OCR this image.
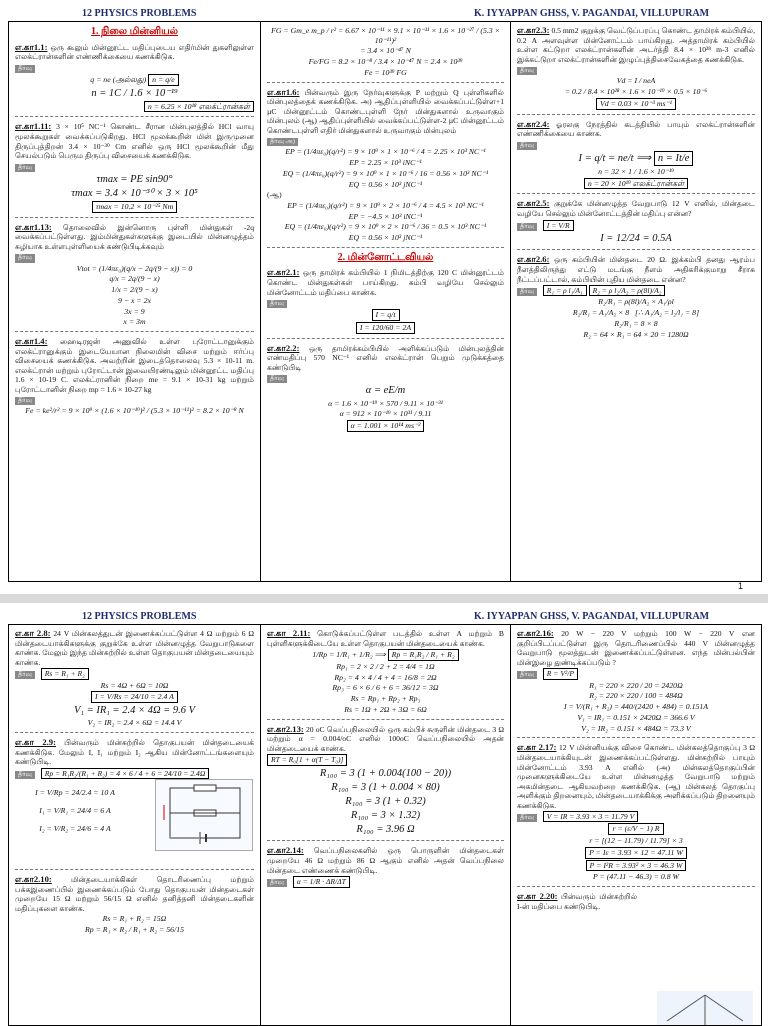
12 PHYSICS PROBLEMS	K. IYYAPPAN GHSS, V. PAGANDAI, VILLUPURAM
1. நிலை மின்னியல்
எ.கா1.1: ஒரு கூலும் மின்னூட்ட மதிப்புடைய எதிர்மின் துகளிலுள்ள எலக்ட்ரான்களின் எண்ணிக்கையை கணக்கிடுக.
தீர்வு
q = ne (அல்லது) n = q/e
n = 1C / 1.6 × 10⁻¹⁹
n = 6.25 × 10¹⁸ எலக்ட்ரான்கள்
எ.கா1.11: 3 × 10⁵ NC⁻¹ கொண்ட சீரான மின்புலத்தில் HCl வாயு மூலக்கூறுகள் வைக்கப்படுகிறது. HCl மூலக்கூறின் மின் இருமுனை திருப்புத்திறன் 3.4 × 10⁻³⁰ Cm எனில் ஒரு HCl மூலக்கூறின் மீது செயல்படும் பெரும திருப்பு விசையைக் கணக்கிடுக.
தீர்வு
τmax = PE sin90°
τmax = 3.4 × 10⁻³⁰ × 3 × 10⁵
τmax = 10.2 × 10⁻²⁵ Nm
எ.கா1.13: தொலைவில் இன்னொரு புள்ளி மின்துகள் -2q வைக்கப்பட்டுள்ளது. இம்மின்துகள்களுக்கு இடையில் மின்னழுத்தம் சுழியாக உள்ளபுள்ளியைக் கண்டுபிடிக்கவும்
தீர்வு
Vtot = (1/4πε₀)(q/x − 2q/(9 − x)) = 0
q/x = 2q/(9 − x)
1/x = 2/(9 − x)
9 − x = 2x
3x = 9
x = 3m
எ.கா1.4: ஹைடிரஜன் அணுவில் உள்ள புரோட்டானுக்கும் எலக்ட்ரானுக்கும் இடையேயான நிலைமின் விசை மற்றும் ஈர்ப்பு விசையைக் கணக்கிடுக. அவற்றின் இடைத்தொலைவு 5.3 × 10-11 m. எலக்ட்ரான் மற்றும் புரோட்டான் இவையிரண்டிலும் மின்னூட்ட மதிப்பு 1.6 × 10-19 C. எலக்ட்ரானின் நிறை me = 9.1 × 10-31 kg மற்றும் புரோட்டானின் நிறை mp = 1.6 × 10-27 kg
தீர்வு
Fe = ke²/r² = 9 × 10⁹ × (1.6 × 10⁻¹⁹)² / (5.3 × 10⁻¹¹)² = 8.2 × 10⁻⁸ N
FG = Gm_e m_p / r² = 6.67 × 10⁻¹¹ × 9.1 × 10⁻³¹ × 1.6 × 10⁻²⁷ / (5.3 × 10⁻¹¹)²
= 3.4 × 10⁻⁴⁷ N
Fe/FG = 8.2 × 10⁻⁸ / 3.4 × 10⁻⁴⁷ N = 2.4 × 10³⁹
Fe = 10³⁹ FG
எ.கா1.6: பின்வரும் இரு நேர்வுகளுக்கு P மற்றும் Q புள்ளிகளில் மின்புலத்தைக் கணக்கிடுக. அ) ஆதிப்புள்ளியில் வைக்கப்பட்டுள்ள+1 µC மின்னூட்டம் கொண்டபுள்ளி நேர் மின்துகளால் உருவாகும் மின்புலம் (ஆ) ஆதிப்புள்ளியில் வைக்கப்பட்டுள்ள-2 µC மின்னூட்டம் கொண்டபுள்ளி எதிர் மின்துகளால் உருவாகும் மின்புலம்
தீர்வு அ)
EP = (1/4πε₀)(q/r²) = 9 × 10⁹ × 1 × 10⁻⁶ / 4 = 2.25 × 10³ NC⁻¹
EP = 2.25 × 10³ iNC⁻¹
EQ = (1/4πε₀)(q/r²) = 9 × 10⁹ × 1 × 10⁻⁶ / 16 = 0.56 × 10³ NC⁻¹
EQ = 0.56 × 10³ jNC⁻¹
(ஆ)
EP = (1/4πε₀)(q/r²) = 9 × 10⁹ × 2 × 10⁻⁶ / 4 = 4.5 × 10³ NC⁻¹
EP = −4.5 × 10³ iNC⁻¹
EQ = (1/4πε₀)(q/r²) = 9 × 10⁹ × 2 × 10⁻⁶ / 36 = 0.5 × 10³ NC⁻¹
EQ = 0.56 × 10³ jNC⁻¹
2. மின்னோட்டவியல்
எ.கா2.1: ஒரு தாமிரக் கம்பியில் 1 நிமிடத்திற்கு 120 C மின்னூட்டம் கொண்ட மின்துகள்கள் பாய்கிறது. கம்பி வழியே செல்லும் மின்னோட்டம் மதிப்பை காண்க.
தீர்வு
I = q/t
I = 120/60 = 2A
எ.கா2.2: ஒரு தாமிரக்கம்பியில் அளிக்கப்படும் மின்புலத்தின் எண்மதிப்பு 570 NC⁻¹ எனில் எலக்ட்ரான் பெறும் முடுக்கத்தை கண்டுபிடி
தீர்வு
α = eE/m
α = 1.6 × 10⁻¹⁹ × 570 / 9.11 × 10⁻³¹
α = 912 × 10⁻¹⁹ × 10³¹ / 9.11
α = 1.001 × 10¹⁴ ms⁻²
எ.கா2.3: 0.5 mm2 குறுக்கு வெட்டுப்பரப்பு கொண்ட தாமிரக் கம்பியில், 0.2 A அளவுள்ள மின்னோட்டம் பாய்கிறது. அத்தாமிரக் கம்பியில் உள்ள கட்டுறா எலக்ட்ரான்களின் அடர்த்தி 8.4 × 10²⁸ m-3 எனில் இக்கட்டுறா எலக்ட்ரான்களின் இழுப்புத்திசைவேகத்தை கணக்கிடுக.
தீர்வு
Vd = I / neA
= 0.2 / 8.4 × 10²⁸ × 1.6 × 10⁻¹⁹ × 0.5 × 10⁻⁶
Vd = 0.03 × 10⁻³ ms⁻¹
எ.கா2.4: ஓரலகு நேரத்தில் கடத்தியில் பாயும் எலக்ட்ரான்களின் எண்ணிக்கையை காண்க.
தீர்வு
I = q/t = ne/t ⟹ n = It/e
n = 32 × 1 / 1.6 × 10⁻¹⁹
n = 20 × 10¹⁹ எலக்ட்ரான்கள்
எ.கா2.5: குறுக்கே மின்னழுத்த வேறுபாடு 12 V எனில், மின்தடை வழியே செல்லும் மின்னோட்டத்தின் மதிப்பு என்ன?
தீர்வு I = V/R
I = 12/24 = 0.5A
எ.கா2.6: ஒரு கம்பியின் மின்தடை 20 Ω. இக்கம்பி தனது ஆரம்ப நீளத்திலிருந்து எட்டு மடங்கு நீளம் அதிகரிக்குமாறு சீராக நீட்டப்பட்டால், கம்பியின் புதிய மின்தடை என்ன?
தீர்வு R₁ = ρ l₁/A₁ R₂ = ρ l₂/A₂ = ρ(8l)/A₂
R₂/R₁ = ρ(8l)/A₂ × A₁/ρl
R₂/R₁ = A₁/A₂ × 8 [∴ A₁/A₂ = l₂/l₁ = 8]
R₂/R₁ = 8 × 8
R₂ = 64 × R₁ = 64 × 20 = 1280Ω
1
12 PHYSICS PROBLEMS	K. IYYAPPAN GHSS, V. PAGANDAI, VILLUPURAM
எ.கா 2.8: 24 V மின்கலத்துடன் இணைக்கப்பட்டுள்ள 4 Ω மற்றும் 6 Ω மின்தடையாக்கிகளுக்கு குறுக்கே உள்ள மின்னழுத்த வேறுபாடுகளை காண்க. மேலும் இந்த மின்சுற்றில் உள்ள தொகுபயன் மின்தடையையும் காண்க.
தீர்வு Rs = R₁ + R₂
Rs = 4Ω + 6Ω = 10Ω
I = V/Rs = 24/10 = 2.4 A
V₁ = IR₁ = 2.4 × 4Ω = 9.6 V
V₂ = IR₂ = 2.4 × 6Ω = 14.4 V
எ.கா 2.9: பின்வரும் மின்சுற்றில் தொகுபயன் மின்தடையைக் கணக்கிடுக. மேலும் I, I₁ மற்றும் I₂ ஆகிய மின்னோட்டங்களையும் கண்டுபிடி.
தீர்வு Rp = R₁R₂/(R₁ + R₂) = 4 × 6 / 4 + 6 = 24/10 = 2.4Ω
I = V/Rp = 24/2.4 = 10 A
I₁ = V/R₁ = 24/4 = 6 A
I₂ = V/R₂ = 24/6 = 4 A
எ.கா2.10:	மின்தடையாக்கிகள் தொடரிணைப்பு மற்றும் பக்கஇணைப்பில் இணைக்கப்படும் போது தொகுபயன் மின்தடைகள் முறையே 15 Ω மற்றும் 56/15 Ω எனில் தனித்தனி மின்தடைகளின் மதிப்புகளை காண்க.
Rs = R₁ + R₂ = 15Ω
Rp = R₁ × R₂ / R₁ + R₂ = 56/15
எ.கா 2.11: கொடுக்கப்பட்டுள்ள படத்தில் உள்ள A மற்றும் B புள்ளிகளுக்கிடையே உள்ள தொகுபயன் மின்தடையைக் காண்க.
1/Rp = 1/R₁ + 1/R₂ ⟹ Rp = R₁R₂ / R₁ + R₂
Rp₁ = 2 × 2 / 2 + 2 = 4/4 = 1Ω
Rp₂ = 4 × 4 / 4 + 4 = 16/8 = 2Ω
Rp₃ = 6 × 6 / 6 + 6 = 36/12 = 3Ω
Rs = Rp₁ + Rp₂ + Rp₃
Rs = 1Ω + 2Ω + 3Ω = 6Ω
எ.கா2.13: 20 oC வெப்பநிலையில் ஒரு கம்பிச் சுருளின் மின்தடை 3 Ω மற்றும் α = 0.004/oC எனில் 100oC வெப்பநிலையில் அதன் மின்தடையைக் காண்க.
RT = R₀[1 + α(T − T₀)]
R₁₀₀ = 3 (1 + 0.004(100 − 20))
R₁₀₀ = 3 (1 + 0.004 × 80)
R₁₀₀ = 3 (1 + 0.32)
R₁₀₀ = 3 × 1.32)
R₁₀₀ = 3.96 Ω
எ.கா2.14: வெப்பநிலைகளில் ஒரு பொருளின் மின்தடைகள் முறையே 46 Ω மற்றும் 86 Ω ஆகும் எனில் அதன் வெப்பநிலை மின்தடை எண்ணைக் கண்டுபிடி.
தீர்வு α = 1/R · ΔR/ΔT
எ.கா2.16: 20 W − 220 V மற்றும் 100 W − 220 V என குறிப்பிடப்பட்டுள்ள இரு தொடரிணைப்பில் 440 V மின்னழுத்த வேறுபாடு மூலத்துடன் இணைக்கப்பட்டுள்ளன. எந்த மின்பல்பின் மின்இழை துண்டிக்கப்படும் ?
தீர்வு R = V²/P
R₁ = 220 × 220 / 20 = 2420Ω
R₂ = 220 × 220 / 100 = 484Ω
I = V/(R₁ + R₂) = 440/(2420 + 484) = 0.151A
V₁ = IR₁ = 0.151 × 2420Ω = 366.6 V
V₂ = IR₂ = 0.151 × 484Ω = 73.3 V
எ.கா 2.17: 12 V மின்னியக்கு விசை கொண்ட மின்கலத்தொகுப்பு 3 Ω மின்தடையாக்கியுடன் இணைக்கப்பட்டுள்ளது. மின்சுற்றில் பாயும் மின்னோட்டம் 3.93 A எனில் (அ) மின்கலத்தொகுப்பின் முனைகளுக்கிடையே உள்ள மின்னழுத்த வேறுபாடு மற்றும் அகமின்தடை ஆகியவற்றை கணக்கிடுக. (ஆ) மின்கலத் தொகுப்பு அளிக்கும் திறனையும், மின்தடையாக்கிக்கு அளிக்கப்படும் திறனையும் கணக்கிடுக.
தீர்வு V = IR = 3.93 × 3 = 11.79 V
r = (ε/V − 1) R
r = [(12 − 11.79) / 11.79] × 3
P = Iε = 3.93 × 12 = 47.11 W
P = I²R = 3.93² × 3 = 46.3 W
P = (47.11 − 46.3) = 0.8 W
எ.கா 2.20: பின்வரும் மின்சுற்றில் I-ன் மதிப்பை கண்டுபிடி.
